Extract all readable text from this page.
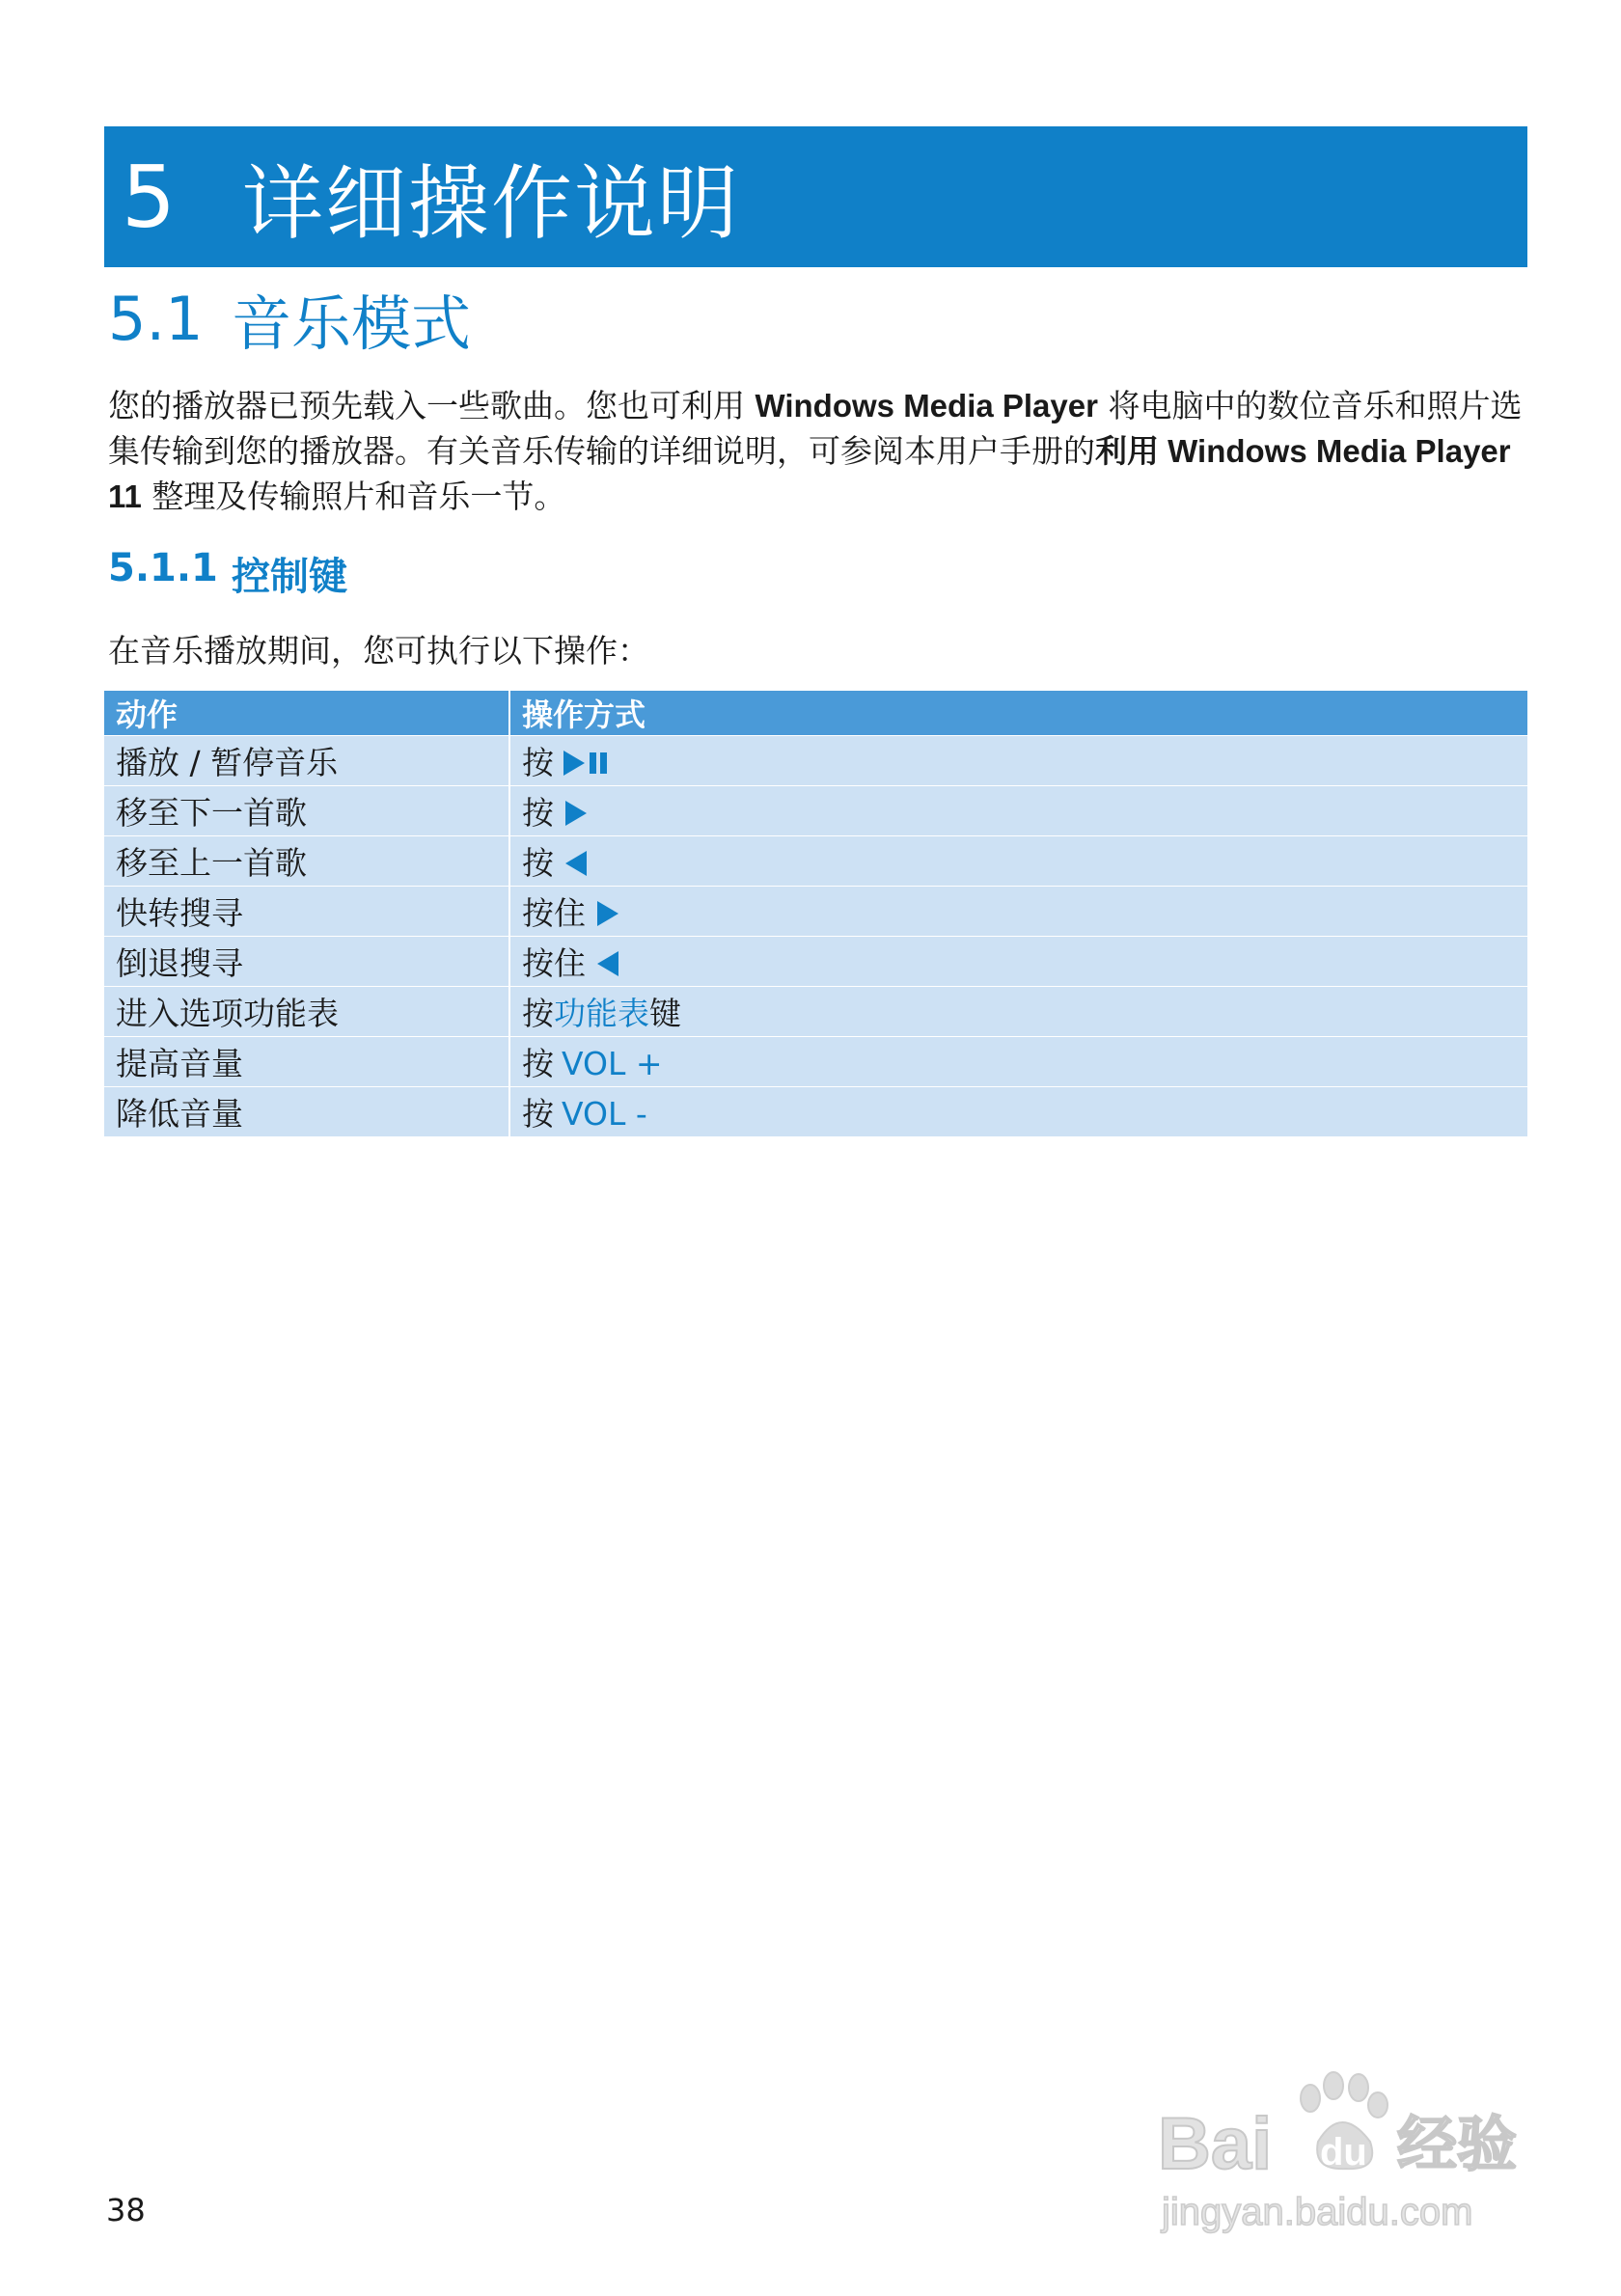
5 详细操作说明
5.1 音乐模式
您的播放器已预先载入一些歌曲。您也可利用 Windows Media Player 将电脑中的数位音乐和照片选集传输到您的播放器。有关音乐传输的详细说明，可参阅本用户手册的利用 Windows Media Player 11 整理及传输照片和音乐一节。
5.1.1 控制键
在音乐播放期间，您可执行以下操作：
动作	操作方式
播放 / 暂停音乐	按
移至下一首歌	按
移至上一首歌	按
快转搜寻	按住
倒退搜寻	按住
进入选项功能表	按功能表键
提高音量	按 VOL +
降低音量	按 VOL -
38
Bai du 经验
jingyan.baidu.com
